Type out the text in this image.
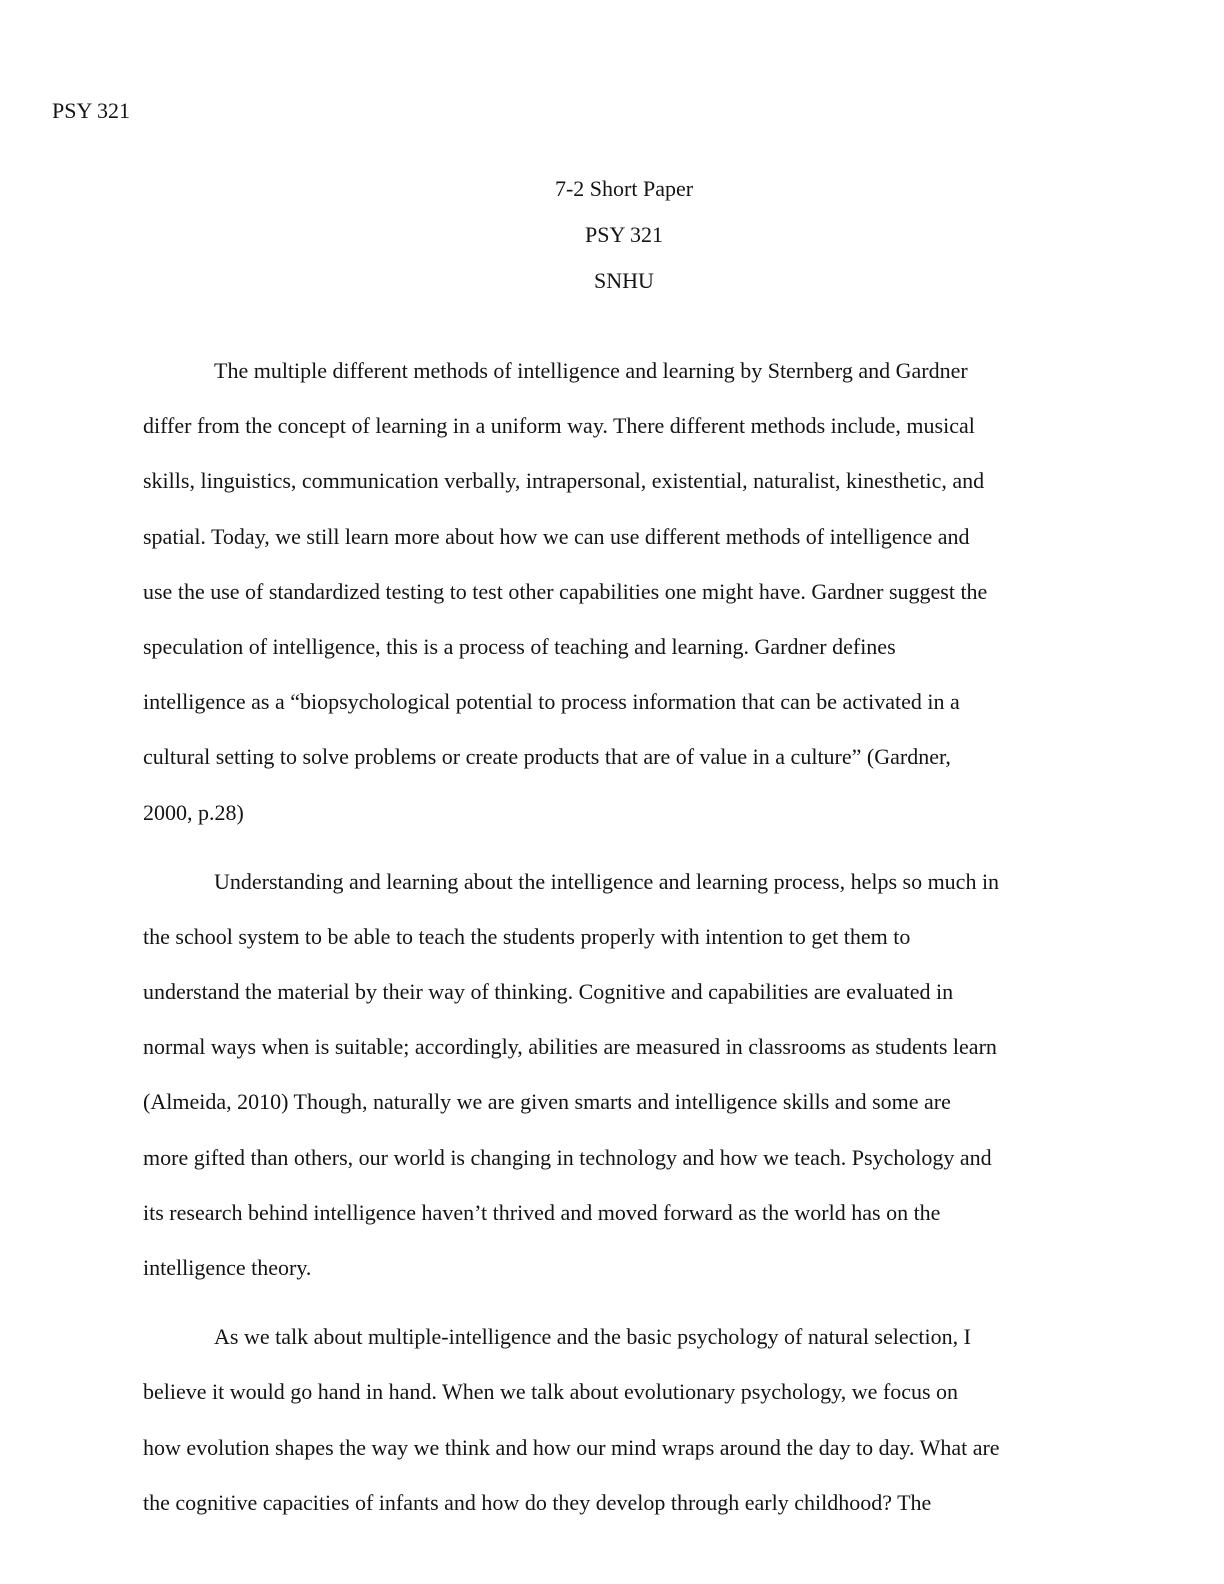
PSY 321
7-2 Short Paper
PSY 321
SNHU
The multiple different methods of intelligence and learning by Sternberg and Gardner
differ from the concept of learning in a uniform way. There different methods include, musical
skills, linguistics, communication verbally, intrapersonal, existential, naturalist, kinesthetic, and
spatial. Today, we still learn more about how we can use different methods of intelligence and
use the use of standardized testing to test other capabilities one might have. Gardner suggest the
speculation of intelligence, this is a process of teaching and learning. Gardner defines
intelligence as a “biopsychological potential to process information that can be activated in a
cultural setting to solve problems or create products that are of value in a culture” (Gardner,
2000, p.28)
Understanding and learning about the intelligence and learning process, helps so much in
the school system to be able to teach the students properly with intention to get them to
understand the material by their way of thinking. Cognitive and capabilities are evaluated in
normal ways when is suitable; accordingly, abilities are measured in classrooms as students learn
(Almeida, 2010) Though, naturally we are given smarts and intelligence skills and some are
more gifted than others, our world is changing in technology and how we teach. Psychology and
its research behind intelligence haven’t thrived and moved forward as the world has on the
intelligence theory.
As we talk about multiple-intelligence and the basic psychology of natural selection, I
believe it would go hand in hand. When we talk about evolutionary psychology, we focus on
how evolution shapes the way we think and how our mind wraps around the day to day. What are
the cognitive capacities of infants and how do they develop through early childhood? The
